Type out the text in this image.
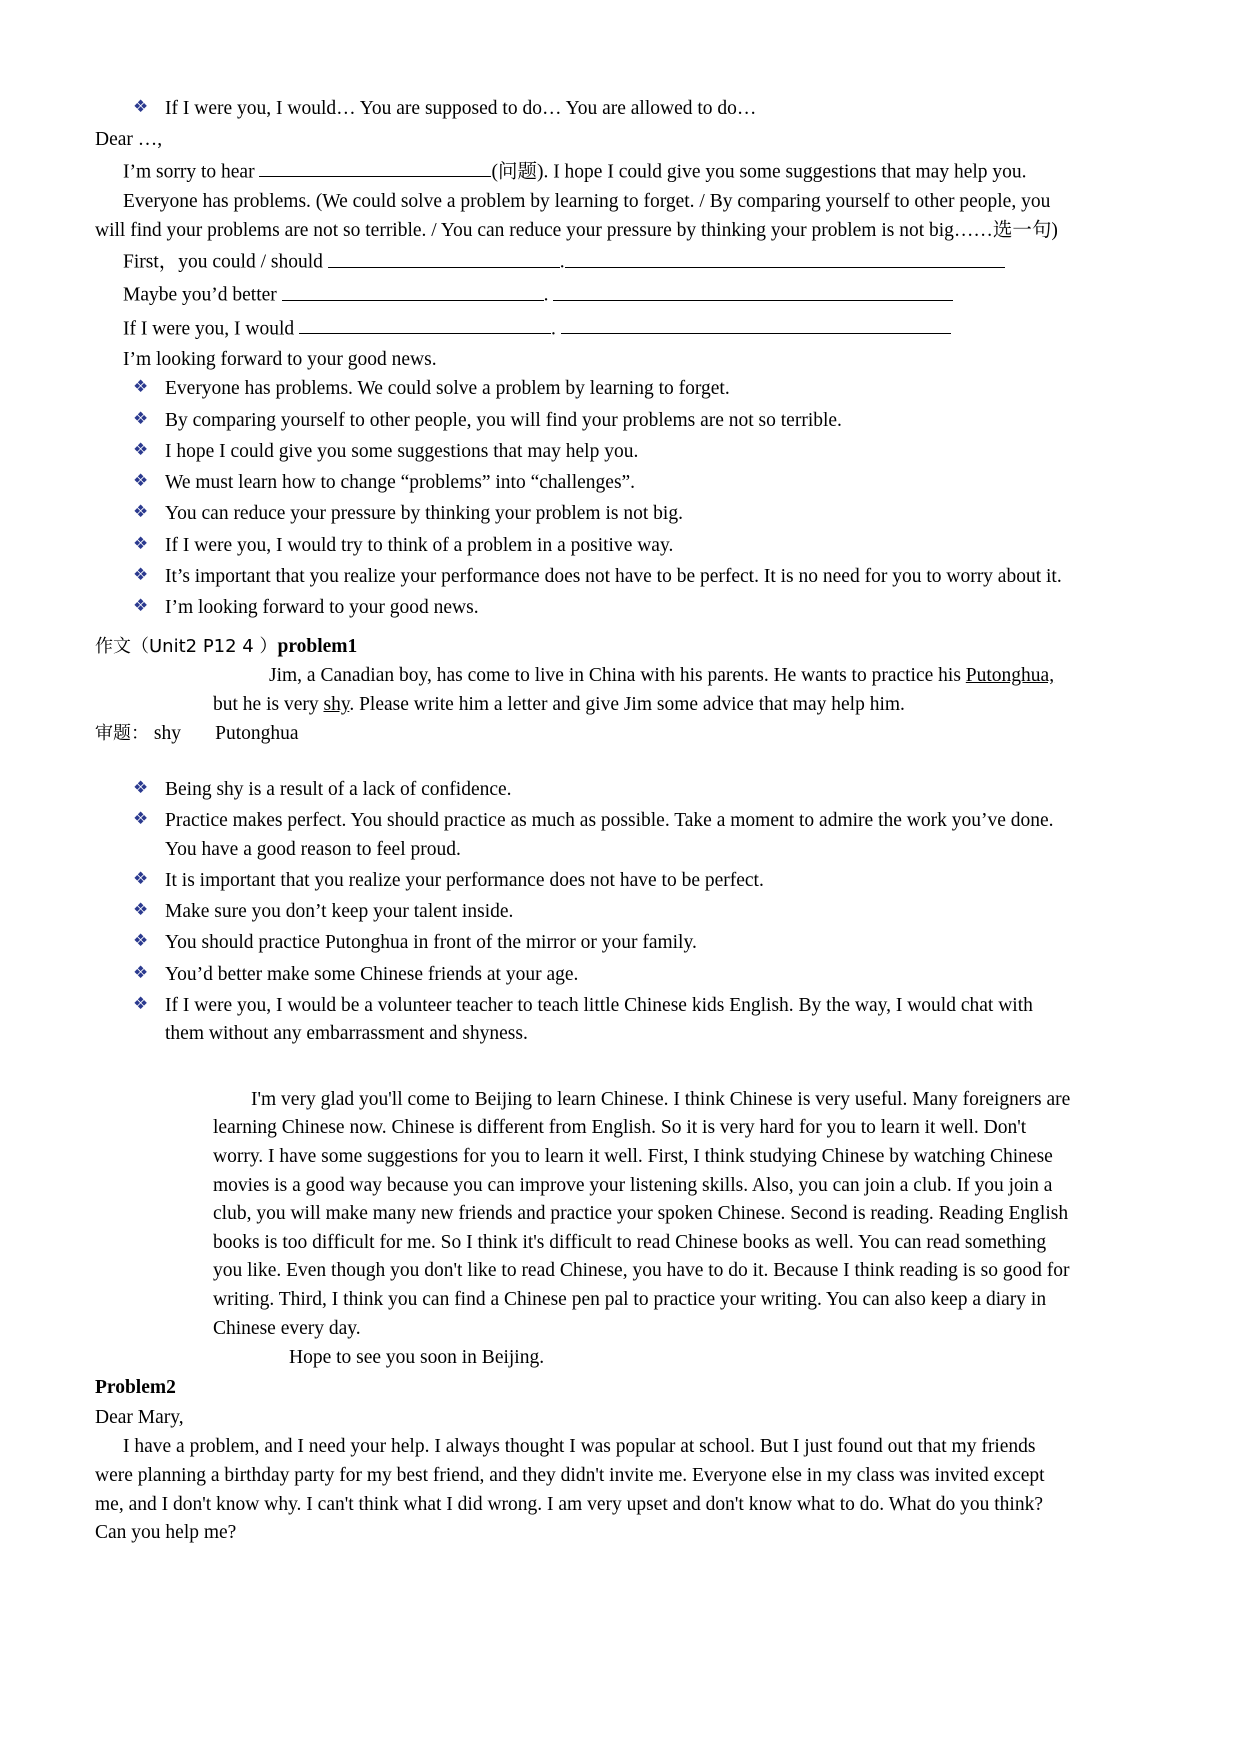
❖ If I were you, I would… You are supposed to do… You are allowed to do…

Dear …,

I’m sorry to hear	(问题). I hope I could give you some suggestions that may help you.

Everyone has problems. (We could solve a problem by learning to forget. / By comparing yourself to other people, you will find your problems are not so terrible. / You can reduce your pressure by thinking your problem is not big……选一句)

First，you could / should	.

Maybe you’d better	.

If I were you, I would	.

I’m looking forward to your good news.

❖ Everyone has problems. We could solve a problem by learning to forget.
❖ By comparing yourself to other people, you will find your problems are not so terrible.
❖ I hope I could give you some suggestions that may help you.
❖ We must learn how to change “problems” into “challenges”.
❖ You can reduce your pressure by thinking your problem is not big.
❖ If I were you, I would try to think of a problem in a positive way.
❖ It’s important that you realize your performance does not have to be perfect. It is no need for you to worry about it.
❖ I’m looking forward to your good news.

作文（Unit2 P12 4 ）problem1

Jim, a Canadian boy, has come to live in China with his parents. He wants to practice his Putonghua, but he is very shy. Please write him a letter and give Jim some advice that may help him.

审题： shy Putonghua

❖ Being shy is a result of a lack of confidence.
❖ Practice makes perfect. You should practice as much as possible. Take a moment to admire the work you’ve done. You have a good reason to feel proud.
❖ It is important that you realize your performance does not have to be perfect.
❖ Make sure you don’t keep your talent inside.
❖ You should practice Putonghua in front of the mirror or your family.
❖ You’d better make some Chinese friends at your age.
❖ If I were you, I would be a volunteer teacher to teach little Chinese kids English. By the way, I would chat with them without any embarrassment and shyness.

I'm very glad you'll come to Beijing to learn Chinese. I think Chinese is very useful. Many foreigners are learning Chinese now. Chinese is different from English. So it is very hard for you to learn it well. Don't worry. I have some suggestions for you to learn it well. First, I think studying Chinese by watching Chinese movies is a good way because you can improve your listening skills. Also, you can join a club. If you join a club, you will make many new friends and practice your spoken Chinese. Second is reading. Reading English books is too difficult for me. So I think it's difficult to read Chinese books as well. You can read something you like. Even though you don't like to read Chinese, you have to do it. Because I think reading is so good for writing. Third, I think you can find a Chinese pen pal to practice your writing. You can also keep a diary in Chinese every day.

Hope to see you soon in Beijing.

Problem2

Dear Mary,

I have a problem, and I need your help. I always thought I was popular at school. But I just found out that my friends were planning a birthday party for my best friend, and they didn't invite me. Everyone else in my class was invited except me, and I don't know why. I can't think what I did wrong. I am very upset and don't know what to do. What do you think? Can you help me?
